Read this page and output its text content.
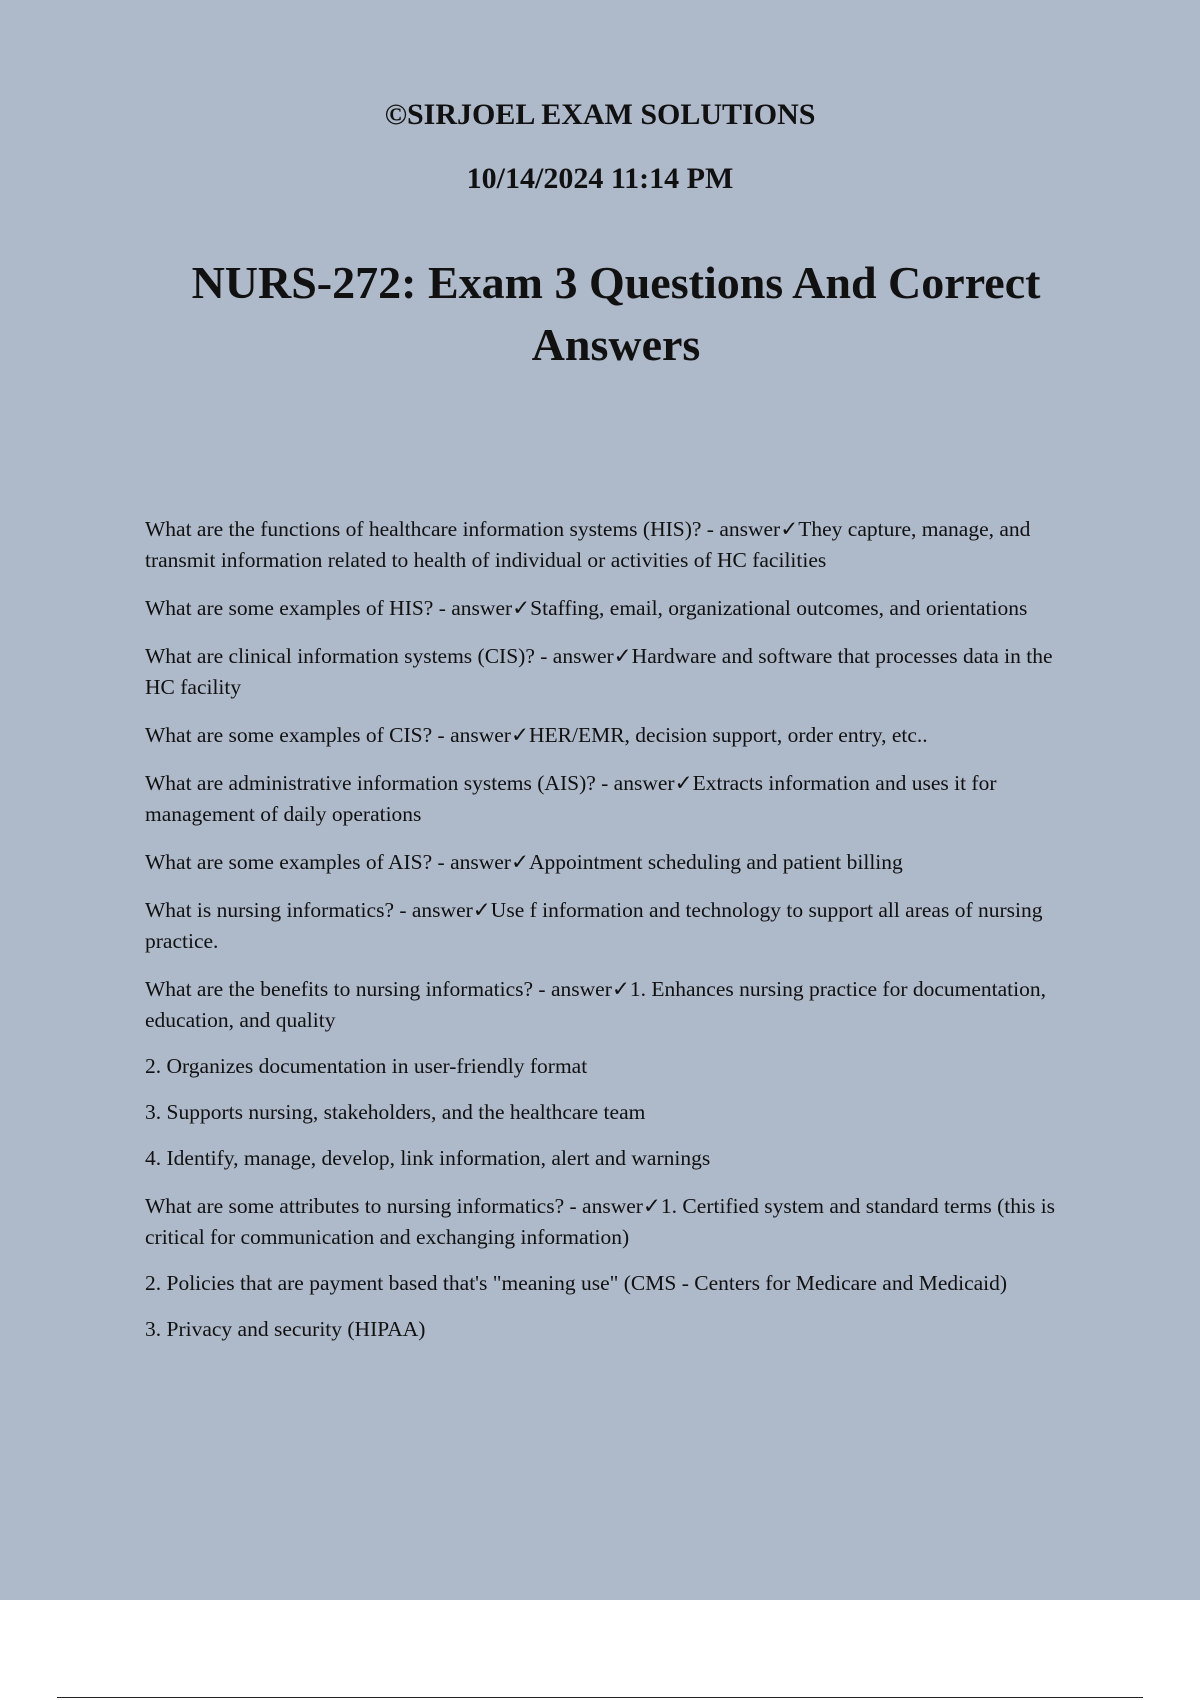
©SIRJOEL EXAM SOLUTIONS
10/14/2024 11:14 PM
NURS-272: Exam 3 Questions And Correct Answers

What are the functions of healthcare information systems (HIS)? - answer✓They capture, manage, and transmit information related to health of individual or activities of HC facilities

What are some examples of HIS? - answer✓Staffing, email, organizational outcomes, and orientations

What are clinical information systems (CIS)? - answer✓Hardware and software that processes data in the HC facility

What are some examples of CIS? - answer✓HER/EMR, decision support, order entry, etc..

What are administrative information systems (AIS)? - answer✓Extracts information and uses it for management of daily operations

What are some examples of AIS? - answer✓Appointment scheduling and patient billing

What is nursing informatics? - answer✓Use f information and technology to support all areas of nursing practice.

What are the benefits to nursing informatics? - answer✓1. Enhances nursing practice for documentation, education, and quality

2. Organizes documentation in user-friendly format

3. Supports nursing, stakeholders, and the healthcare team

4. Identify, manage, develop, link information, alert and warnings

What are some attributes to nursing informatics? - answer✓1. Certified system and standard terms (this is critical for communication and exchanging information)

2. Policies that are payment based that's "meaning use" (CMS - Centers for Medicare and Medicaid)

3. Privacy and security (HIPAA)
